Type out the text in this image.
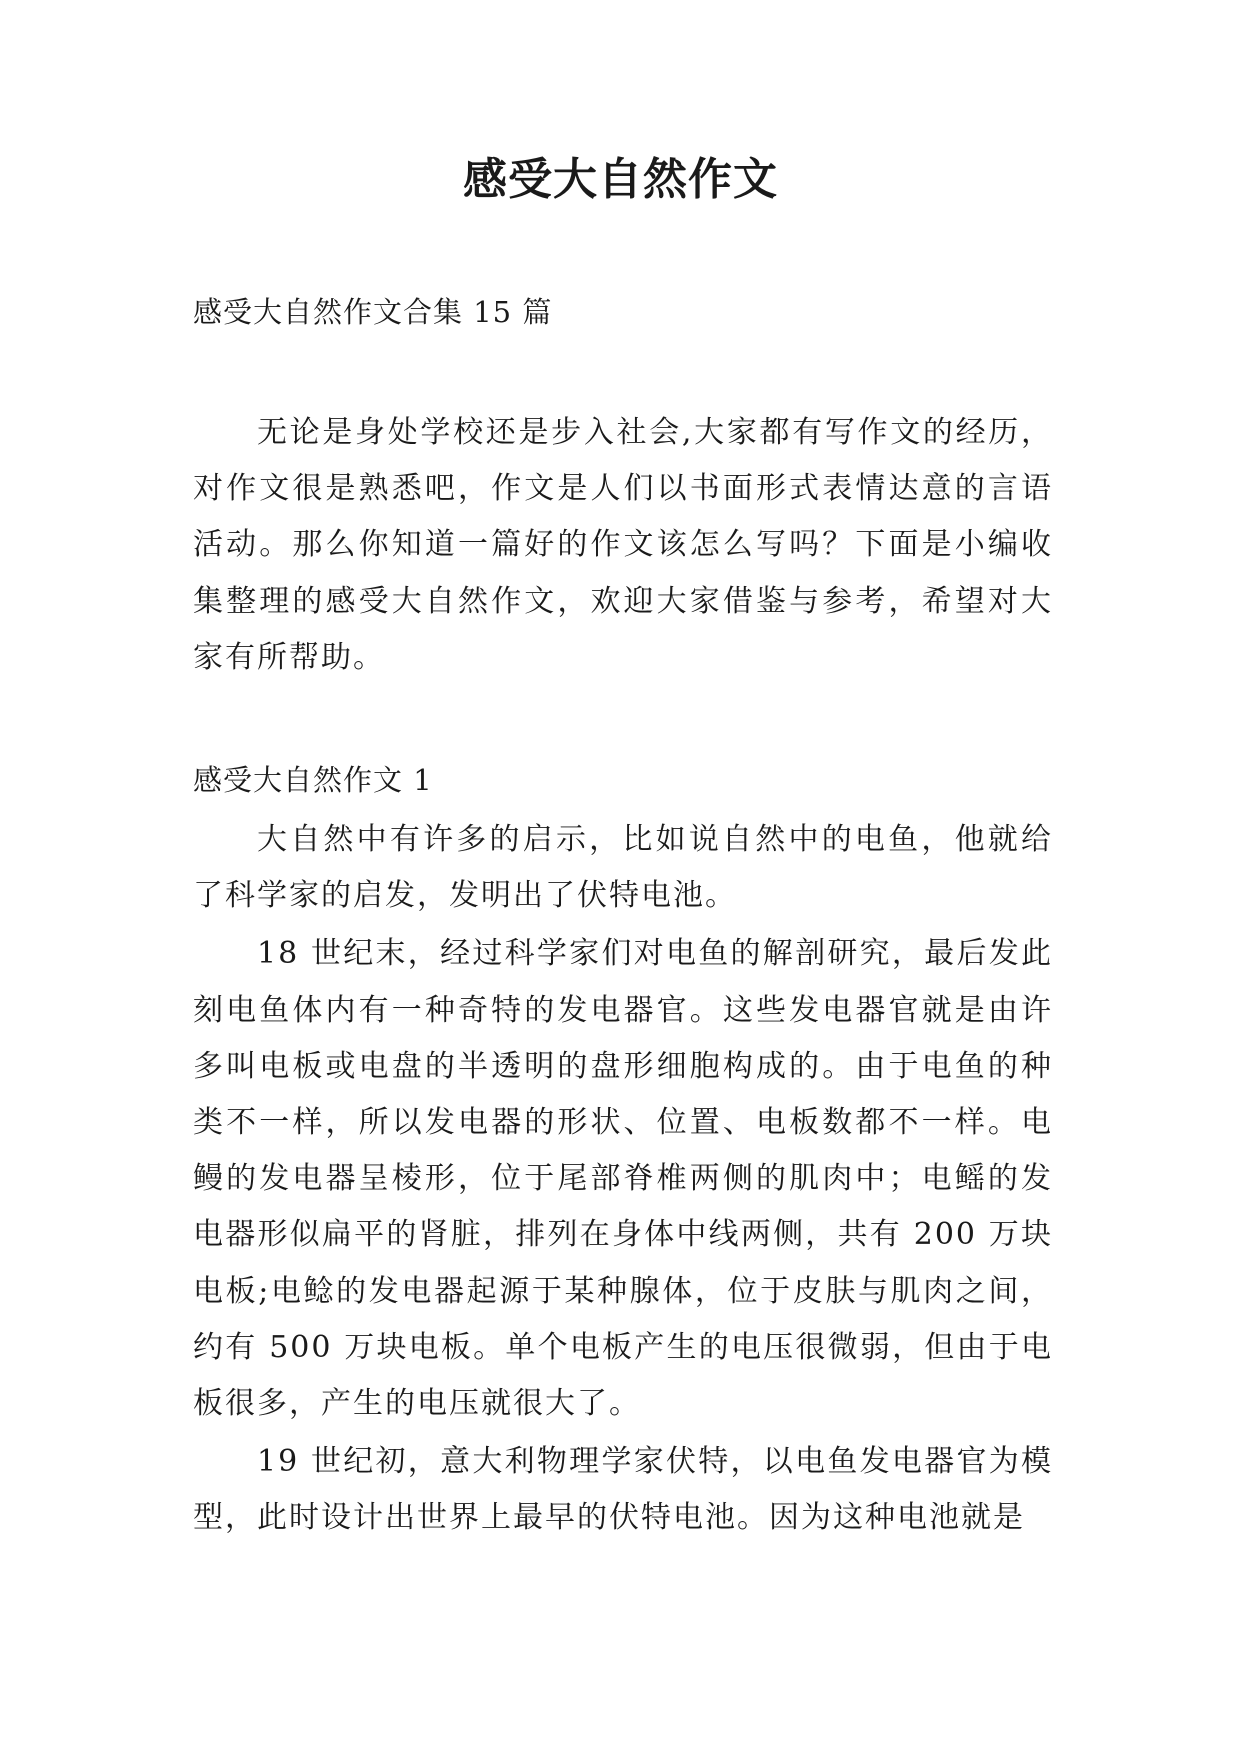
感受大自然作文

感受大自然作文合集 15 篇

无论是身处学校还是步入社会,大家都有写作文的经历，对作文很是熟悉吧，作文是人们以书面形式表情达意的言语活动。那么你知道一篇好的作文该怎么写吗？下面是小编收集整理的感受大自然作文，欢迎大家借鉴与参考，希望对大家有所帮助。

感受大自然作文 1

大自然中有许多的启示，比如说自然中的电鱼，他就给了科学家的启发，发明出了伏特电池。

18 世纪末，经过科学家们对电鱼的解剖研究，最后发此刻电鱼体内有一种奇特的发电器官。这些发电器官就是由许多叫电板或电盘的半透明的盘形细胞构成的。由于电鱼的种类不一样，所以发电器的形状、位置、电板数都不一样。电鳗的发电器呈棱形，位于尾部脊椎两侧的肌肉中；电鳐的发电器形似扁平的肾脏，排列在身体中线两侧，共有 200 万块电板;电鲶的发电器起源于某种腺体，位于皮肤与肌肉之间，约有 500 万块电板。单个电板产生的电压很微弱，但由于电板很多，产生的电压就很大了。

19 世纪初，意大利物理学家伏特，以电鱼发电器官为模型，此时设计出世界上最早的伏特电池。因为这种电池就是
